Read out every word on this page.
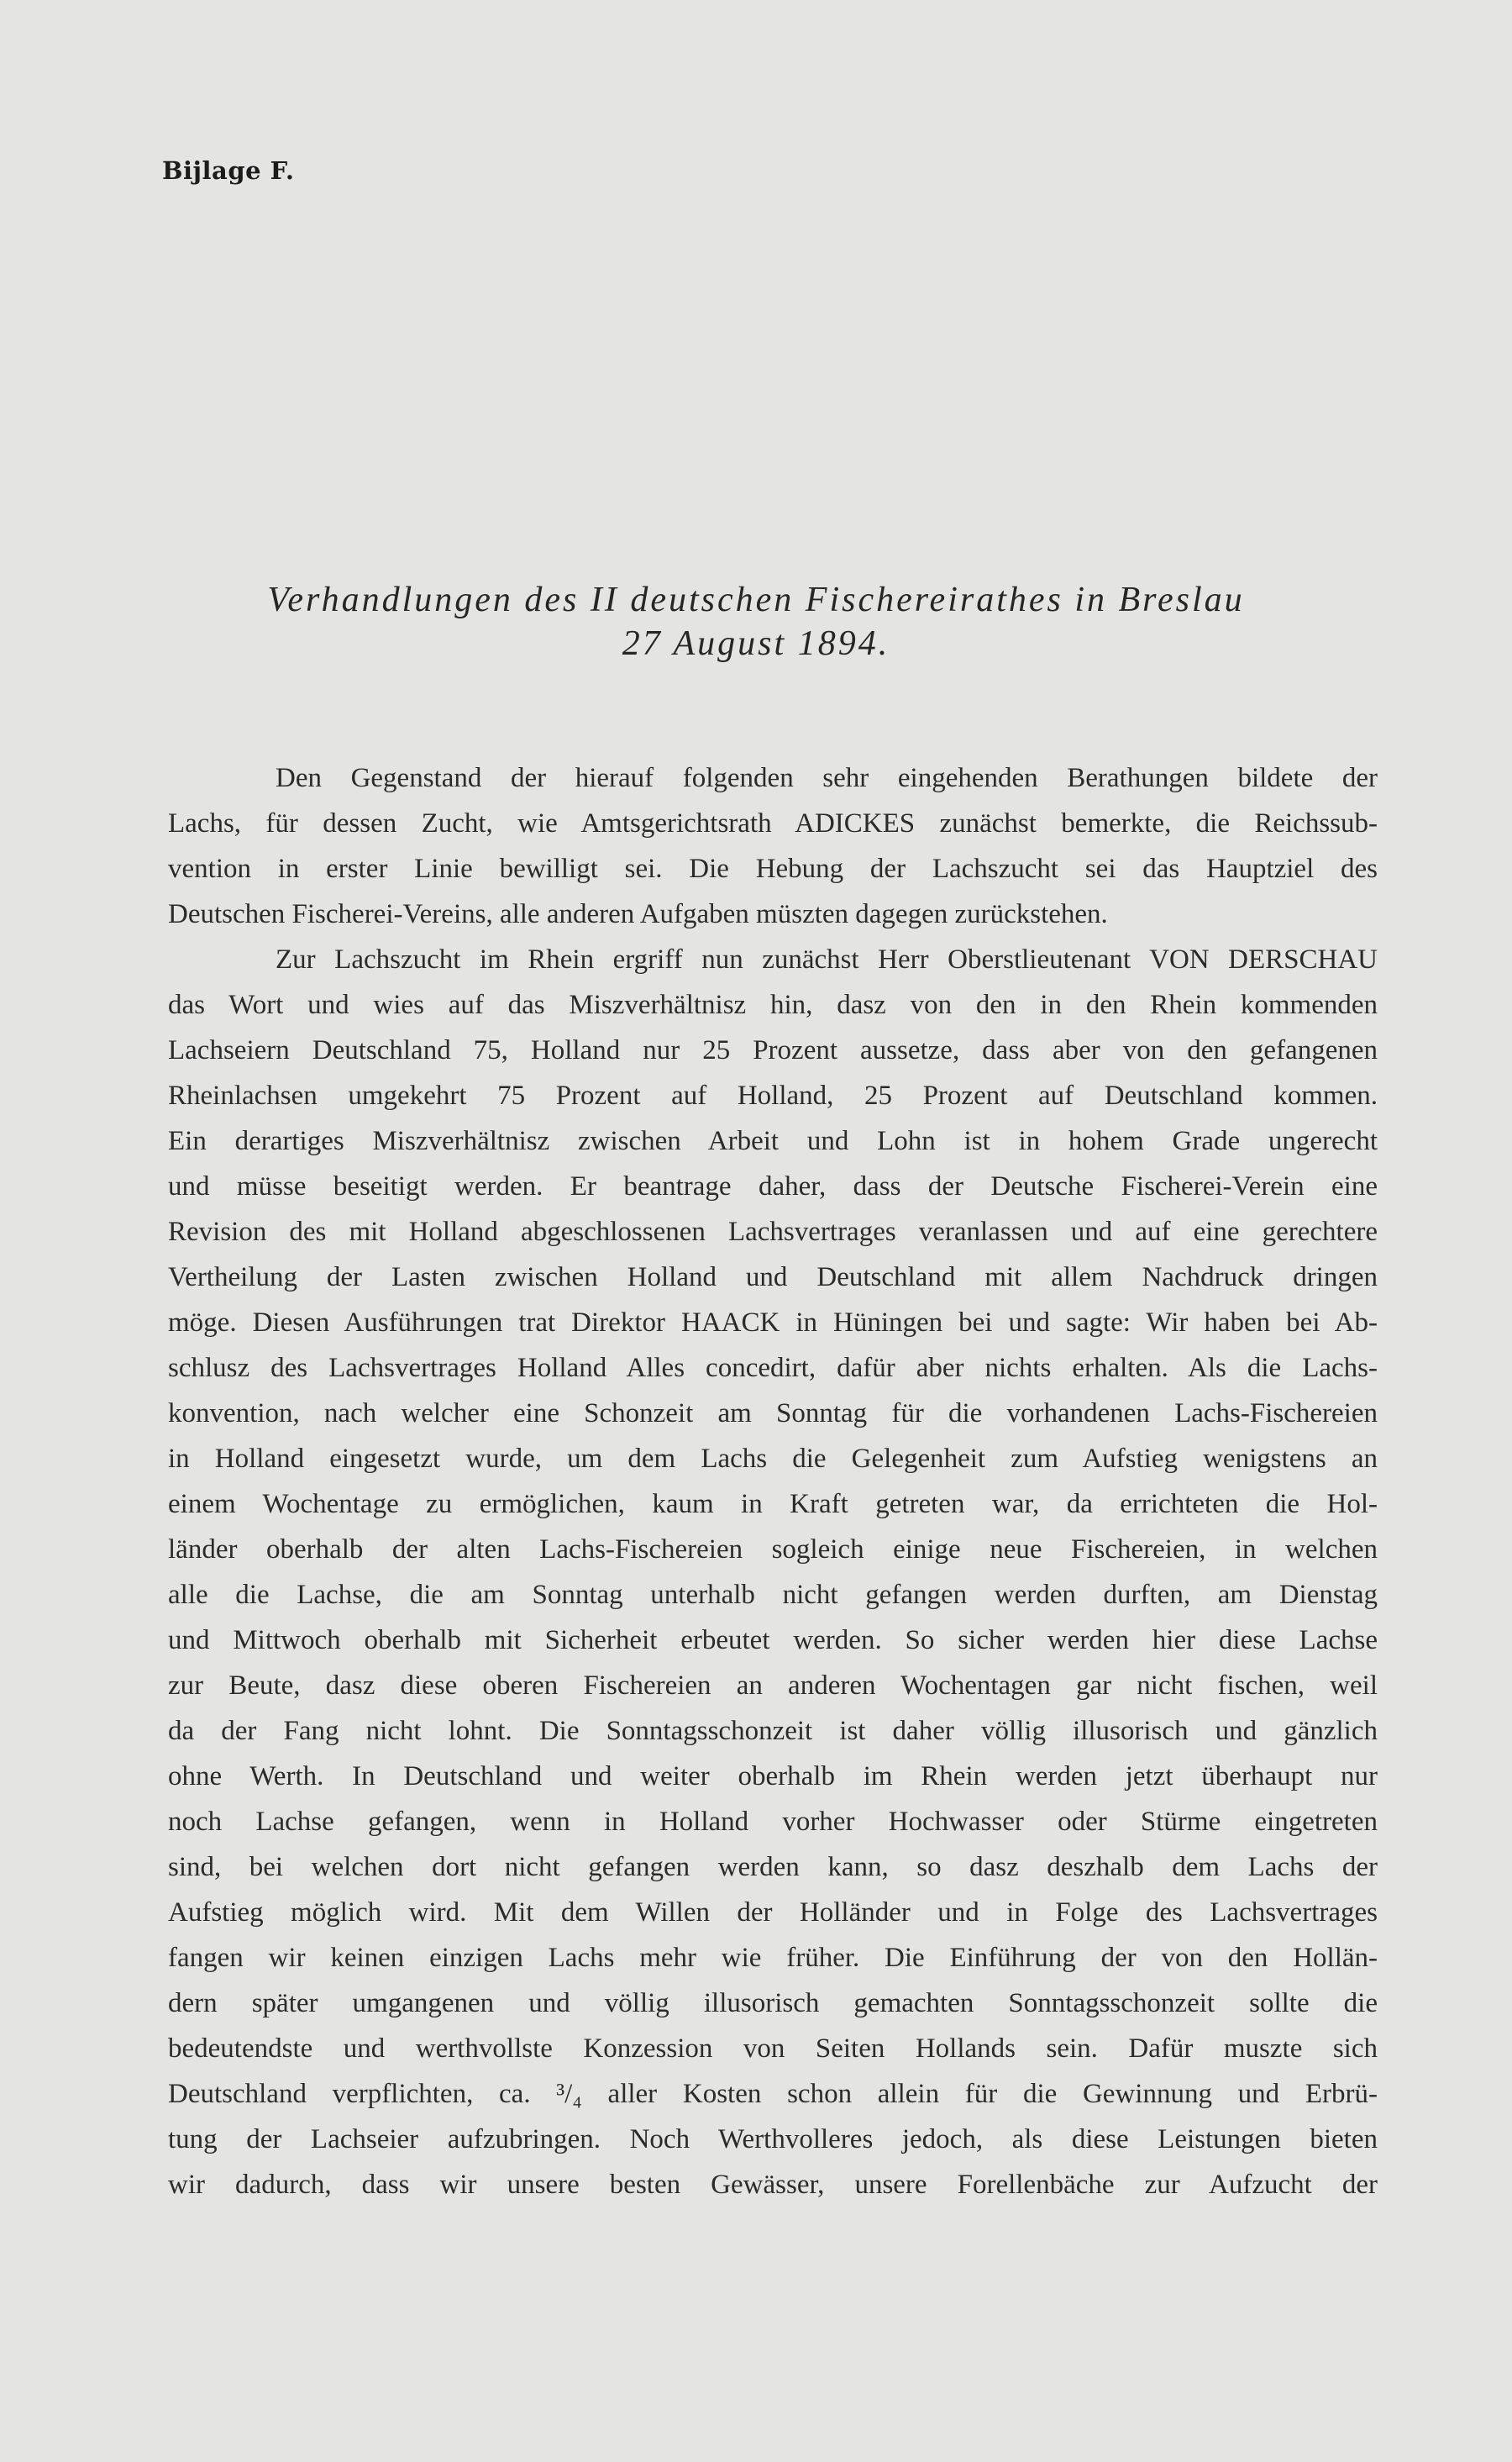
Bijlage F.
Verhandlungen des II deutschen Fischereirathes in Breslau
27 August 1894.
Den Gegenstand der hierauf folgenden sehr eingehenden Berathungen bildete der
Lachs, für dessen Zucht, wie Amtsgerichtsrath ADICKES zunächst bemerkte, die Reichssub-
vention in erster Linie bewilligt sei. Die Hebung der Lachszucht sei das Hauptziel des
Deutschen Fischerei-Vereins, alle anderen Aufgaben müszten dagegen zurückstehen.
Zur Lachszucht im Rhein ergriff nun zunächst Herr Oberstlieutenant VON DERSCHAU
das Wort und wies auf das Miszverhältnisz hin, dasz von den in den Rhein kommenden
Lachseiern Deutschland 75, Holland nur 25 Prozent aussetze, dass aber von den gefangenen
Rheinlachsen umgekehrt 75 Prozent auf Holland, 25 Prozent auf Deutschland kommen.
Ein derartiges Miszverhältnisz zwischen Arbeit und Lohn ist in hohem Grade ungerecht
und müsse beseitigt werden. Er beantrage daher, dass der Deutsche Fischerei-Verein eine
Revision des mit Holland abgeschlossenen Lachsvertrages veranlassen und auf eine gerechtere
Vertheilung der Lasten zwischen Holland und Deutschland mit allem Nachdruck dringen
möge. Diesen Ausführungen trat Direktor HAACK in Hüningen bei und sagte: Wir haben bei Ab-
schlusz des Lachsvertrages Holland Alles concedirt, dafür aber nichts erhalten. Als die Lachs-
konvention, nach welcher eine Schonzeit am Sonntag für die vorhandenen Lachs-Fischereien
in Holland eingesetzt wurde, um dem Lachs die Gelegenheit zum Aufstieg wenigstens an
einem Wochentage zu ermöglichen, kaum in Kraft getreten war, da errichteten die Hol-
länder oberhalb der alten Lachs-Fischereien sogleich einige neue Fischereien, in welchen
alle die Lachse, die am Sonntag unterhalb nicht gefangen werden durften, am Dienstag
und Mittwoch oberhalb mit Sicherheit erbeutet werden. So sicher werden hier diese Lachse
zur Beute, dasz diese oberen Fischereien an anderen Wochentagen gar nicht fischen, weil
da der Fang nicht lohnt. Die Sonntagsschonzeit ist daher völlig illusorisch und gänzlich
ohne Werth. In Deutschland und weiter oberhalb im Rhein werden jetzt überhaupt nur
noch Lachse gefangen, wenn in Holland vorher Hochwasser oder Stürme eingetreten
sind, bei welchen dort nicht gefangen werden kann, so dasz deszhalb dem Lachs der
Aufstieg möglich wird. Mit dem Willen der Holländer und in Folge des Lachsvertrages
fangen wir keinen einzigen Lachs mehr wie früher. Die Einführung der von den Hollän-
dern später umgangenen und völlig illusorisch gemachten Sonntagsschonzeit sollte die
bedeutendste und werthvollste Konzession von Seiten Hollands sein. Dafür muszte sich
Deutschland verpflichten, ca. ³/₄ aller Kosten schon allein für die Gewinnung und Erbrü-
tung der Lachseier aufzubringen. Noch Werthvolleres jedoch, als diese Leistungen bieten
wir dadurch, dass wir unsere besten Gewässer, unsere Forellenbäche zur Aufzucht der
